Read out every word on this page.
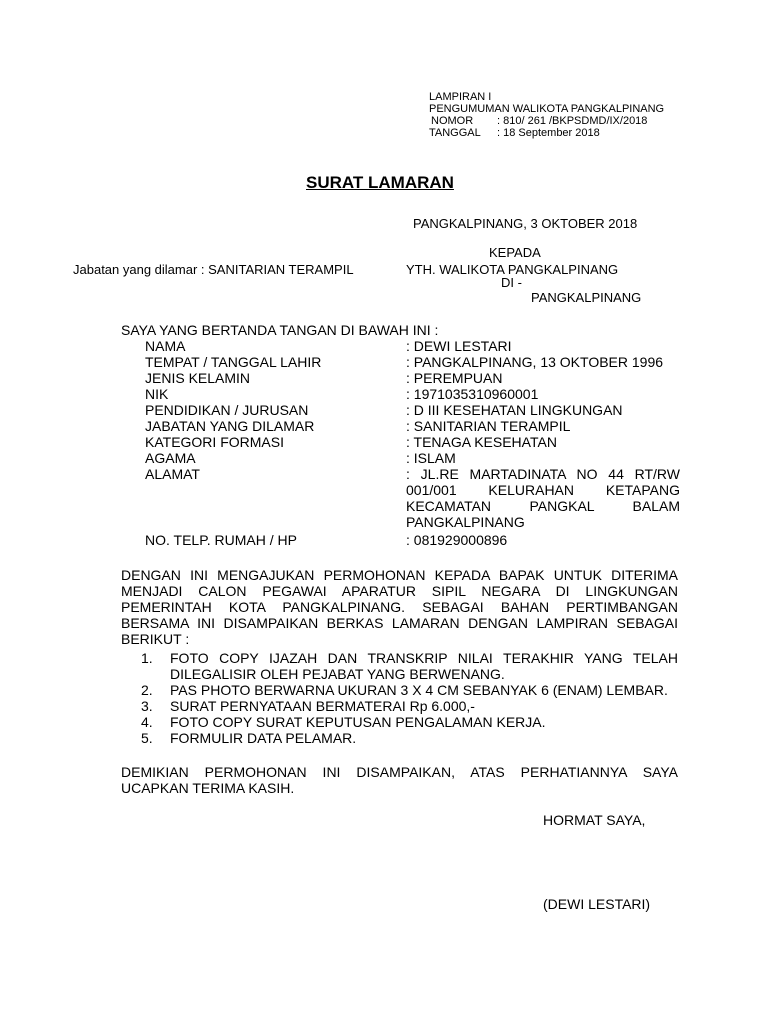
LAMPIRAN I
PENGUMUMAN WALIKOTA PANGKALPINANG
NOMOR	: 810/ 261 /BKPSDMD/IX/2018
TANGGAL	: 18 September 2018
SURAT LAMARAN
PANGKALPINANG, 3 OKTOBER 2018
KEPADA
Jabatan yang dilamar : SANITARIAN TERAMPIL	YTH. WALIKOTA PANGKALPINANG
DI -
PANGKALPINANG
SAYA YANG BERTANDA TANGAN DI BAWAH INI :
NAMA	: DEWI LESTARI
TEMPAT / TANGGAL LAHIR	: PANGKALPINANG, 13 OKTOBER 1996
JENIS KELAMIN	: PEREMPUAN
NIK	: 1971035310960001
PENDIDIKAN / JURUSAN	: D III KESEHATAN LINGKUNGAN
JABATAN YANG DILAMAR	: SANITARIAN TERAMPIL
KATEGORI FORMASI	: TENAGA KESEHATAN
AGAMA	: ISLAM
ALAMAT	: JL.RE MARTADINATA NO 44 RT/RW
001/001 KELURAHAN KETAPANG
KECAMATAN PANGKAL BALAM
PANGKALPINANG
NO. TELP. RUMAH / HP	: 081929000896
DENGAN INI MENGAJUKAN PERMOHONAN KEPADA BAPAK UNTUK DITERIMA
MENJADI CALON PEGAWAI APARATUR SIPIL NEGARA DI LINGKUNGAN
PEMERINTAH KOTA PANGKALPINANG. SEBAGAI BAHAN PERTIMBANGAN
BERSAMA INI DISAMPAIKAN BERKAS LAMARAN DENGAN LAMPIRAN SEBAGAI
BERIKUT :
1.	FOTO COPY IJAZAH DAN TRANSKRIP NILAI TERAKHIR YANG TELAH
DILEGALISIR OLEH PEJABAT YANG BERWENANG.
2.	PAS PHOTO BERWARNA UKURAN 3 X 4 CM SEBANYAK 6 (ENAM) LEMBAR.
3.	SURAT PERNYATAAN BERMATERAI Rp 6.000,-
4.	FOTO COPY SURAT KEPUTUSAN PENGALAMAN KERJA.
5.	FORMULIR DATA PELAMAR.
DEMIKIAN PERMOHONAN INI DISAMPAIKAN, ATAS PERHATIANNYA SAYA
UCAPKAN TERIMA KASIH.
HORMAT SAYA,
(DEWI LESTARI)
